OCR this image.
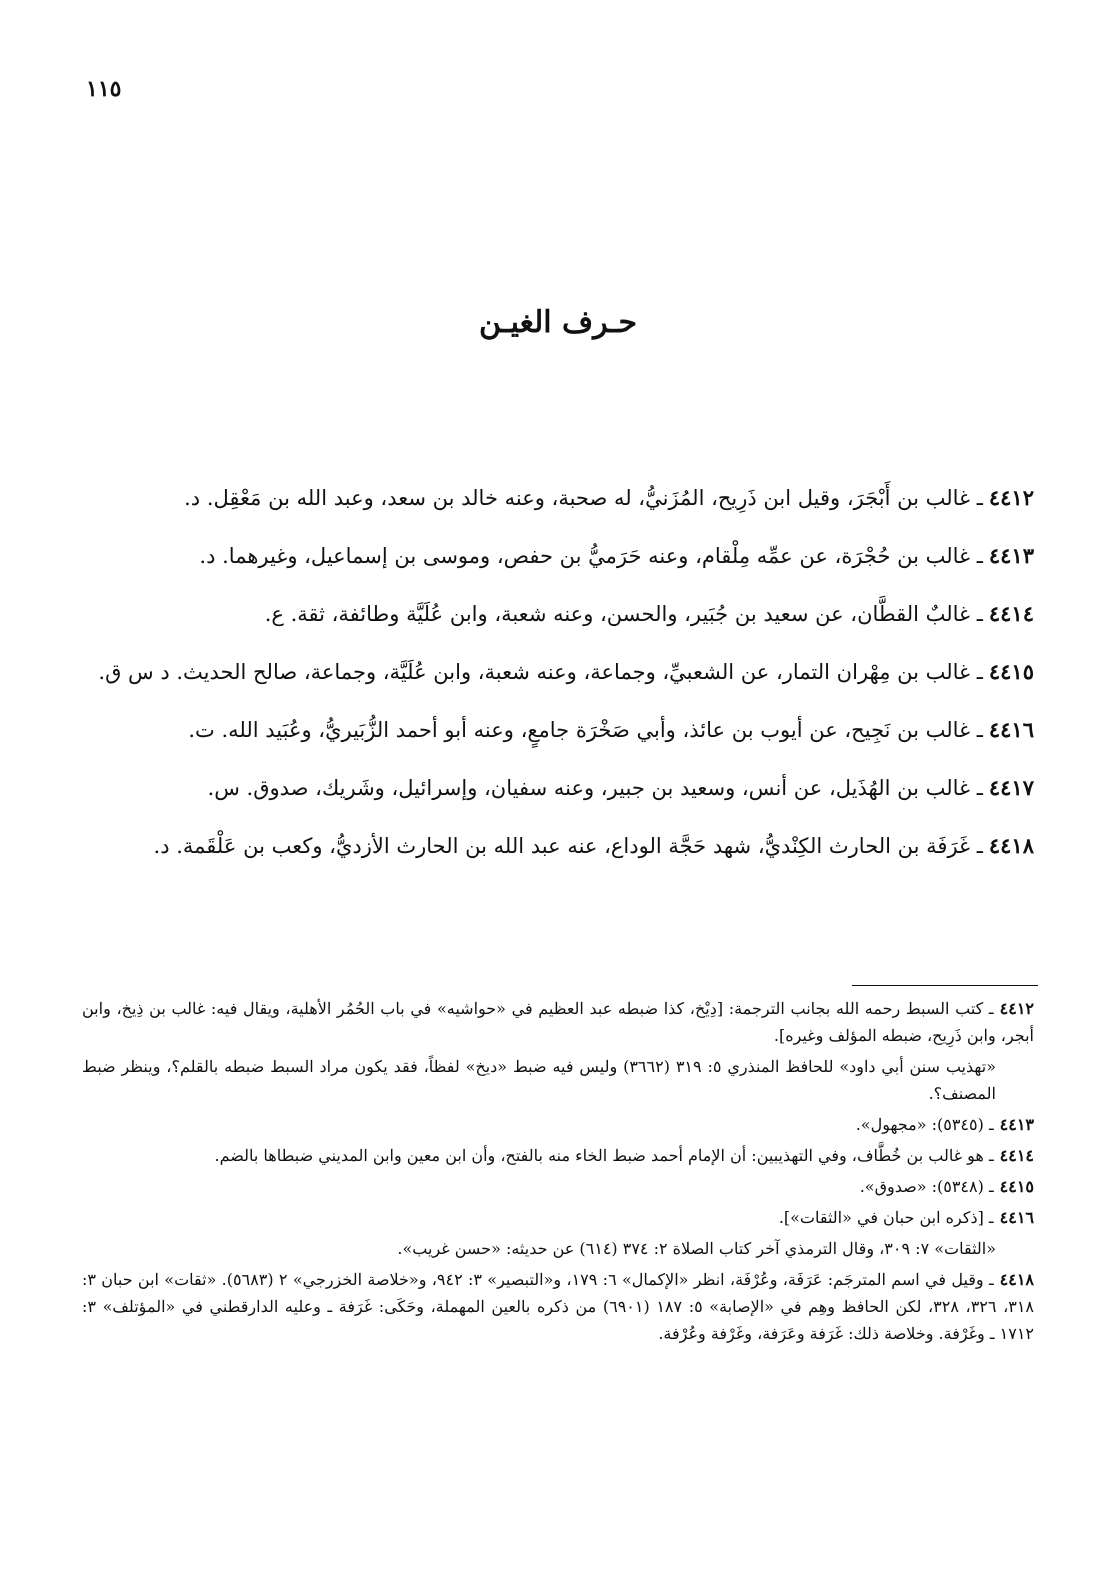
١١٥
حـرف الغيـن
٤٤١٢ـ غالب بن أَبْجَرَ، وقيل ابن ذَرِيح، المُزَنيُّ، له صحبة، وعنه خالد بن سعد، وعبد الله بن مَعْقِل. د.
٤٤١٣ـ غالب بن حُجْرَة، عن عمِّه مِلْقام، وعنه حَرَميُّ بن حفص، وموسى بن إسماعيل، وغيرهما. د.
٤٤١٤ـ غالبٌ القطَّان، عن سعيد بن جُبَير، والحسن، وعنه شعبة، وابن عُلَيَّة وطائفة، ثقة. ع.
٤٤١٥ـ غالب بن مِهْران التمار، عن الشعبيِّ، وجماعة، وعنه شعبة، وابن عُلَيَّة، وجماعة، صالح الحديث. د س ق.
٤٤١٦ـ غالب بن نَجِيح، عن أيوب بن عائذ، وأبي صَخْرَة جامعٍ، وعنه أبو أحمد الزُّبَيريُّ، وعُبَيد الله. ت.
٤٤١٧ـ غالب بن الهُذَيل، عن أنس، وسعيد بن جبير، وعنه سفيان، وإسرائيل، وشَريك، صدوق. س.
٤٤١٨ـ غَرَفَة بن الحارث الكِنْديُّ، شهد حَجَّة الوداع، عنه عبد الله بن الحارث الأزديُّ، وكعب بن عَلْقَمة. د.
٤٤١٢ـ كتب السبط رحمه الله بجانب الترجمة: [دِيْخ، كذا ضبطه عبد العظيم في «حواشيه» في باب الحُمُر الأهلية، ويقال فيه: غالب بن ذِيخ، وابن أبجر، وابن ذَرِيح، ضبطه المؤلف وغيره].
«تهذيب سنن أبي داود» للحافظ المنذري ٥: ٣١٩ (٣٦٦٢) وليس فيه ضبط «ديخ» لفظاً، فقد يكون مراد السبط ضبطه بالقلم؟، وينظر ضبط المصنف؟.
٤٤١٣ـ (٥٣٤٥): «مجهول».
٤٤١٤ـ هو غالب بن خُطَّاف، وفي التهذيبين: أن الإمام أحمد ضبط الخاء منه بالفتح، وأن ابن معين وابن المديني ضبطاها بالضم.
٤٤١٥ـ (٥٣٤٨): «صدوق».
٤٤١٦ـ [ذكره ابن حبان في «الثقات»].
«الثقات» ٧: ٣٠٩، وقال الترمذي آخر كتاب الصلاة ٢: ٣٧٤ (٦١٤) عن حديثه: «حسن غريب».
٤٤١٨ـ وقيل في اسم المترجَم: عَرَفَة، وعُرْفَة، انظر «الإكمال» ٦: ١٧٩، و«التبصير» ٣: ٩٤٢، و«خلاصة الخزرجي» ٢ (٥٦٨٣). «ثقات» ابن حبان ٣: ٣١٨، ٣٢٦، ٣٢٨، لكن الحافظ وهِم في «الإصابة» ٥: ١٨٧ (٦٩٠١) من ذكره بالعين المهملة، وحَكَى: غَرَفة ـ وعليه الدارقطني في «المؤتلف» ٣: ١٧١٢ ـ وغَرْفة. وخلاصة ذلك: غَرَفة وعَرَفة، وغَرْفة وعُرْفة.
